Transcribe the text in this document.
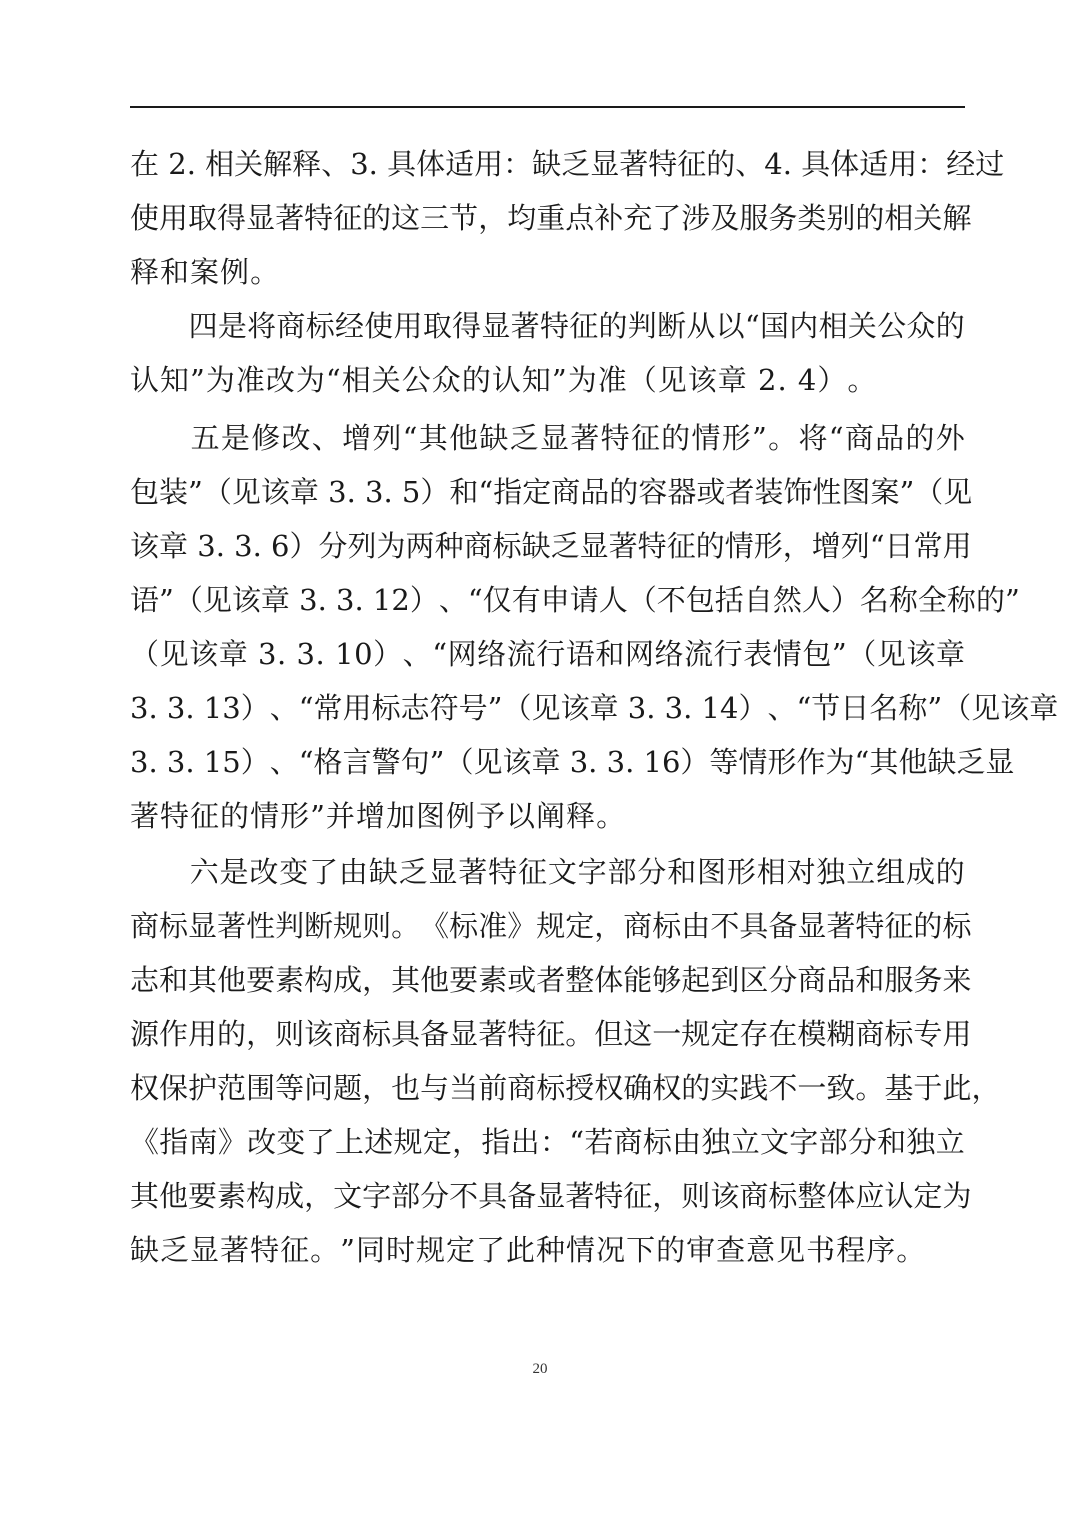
在
2 .
相 关 解 释 、 3 .
具 体 适 用 ： 缺 乏 显 著 特 征 的 、 4 .
具 体 适 用 ： 经 过
使 用 取 得 显 著 特 征 的 这 三 节 ， 均 重 点 补 充 了 涉 及 服 务 类 别 的 相 关 解
释 和 案 例 。

四 是 将 商 标 经 使 用 取 得 显 著 特 征 的 判 断 从 以 “ 国 内 相 关 公 众 的
认 知 ” 为 准 改 为 “ 相 关 公 众 的 认 知 ” 为 准 （ 见 该 章
2 .
4 ） 。

五 是 修 改 、 增 列 “ 其 他 缺 乏 显 著 特 征 的 情 形 ” 。 将 “ 商 品 的 外
包 装 ” （ 见 该 章
3 .
3 .
5 ） 和 “ 指 定 商 品 的 容 器 或 者 装 饰 性 图 案 ” （ 见
该 章
3 .
3 .
6 ） 分 列 为 两 种 商 标 缺 乏 显 著 特 征 的 情 形 ， 增 列 “ 日 常 用
语 ” （ 见 该 章
3 .
3 .
1 2 ） 、 “ 仅 有 申 请 人 （ 不 包 括 自 然 人 ） 名 称 全 称 的 ”
（ 见 该 章
3 .
3 .
1 0 ） 、 “ 网 络 流 行 语 和 网 络 流 行 表 情 包 ” （ 见 该 章
3 .
3 .
1 3 ） 、 “ 常 用 标 志 符 号 ” （ 见 该 章
3 .
3 .
1 4 ） 、 “ 节 日 名 称 ” （ 见 该 章
3 .
3 .
1 5 ） 、 “ 格 言 警 句 ” （ 见 该 章
3 .
3 .
1 6 ） 等 情 形 作 为 “ 其 他 缺 乏 显
著 特 征 的 情 形 ” 并 增 加 图 例 予 以 阐 释 。

六 是 改 变 了 由 缺 乏 显 著 特 征 文 字 部 分 和 图 形 相 对 独 立 组 成 的
商 标 显 著 性 判 断 规 则 。 《 标 准 》 规 定 ， 商 标 由 不 具 备 显 著 特 征 的 标
志 和 其 他 要 素 构 成 ， 其 他 要 素 或 者 整 体 能 够 起 到 区 分 商 品 和 服 务 来
源 作 用 的 ， 则 该 商 标 具 备 显 著 特 征 。 但 这 一 规 定 存 在 模 糊 商 标 专 用
权 保 护 范 围 等 问 题 ， 也 与 当 前 商 标 授 权 确 权 的 实 践 不 一 致 。 基 于 此 ，
《 指 南 》 改 变 了 上 述 规 定 ， 指 出 ： “ 若 商 标 由 独 立 文 字 部 分 和 独 立
其 他 要 素 构 成 ， 文 字 部 分 不 具 备 显 著 特 征 ， 则 该 商 标 整 体 应 认 定 为
缺 乏 显 著 特 征 。 ” 同 时 规 定 了 此 种 情 况 下 的 审 查 意 见 书 程 序 。
20
